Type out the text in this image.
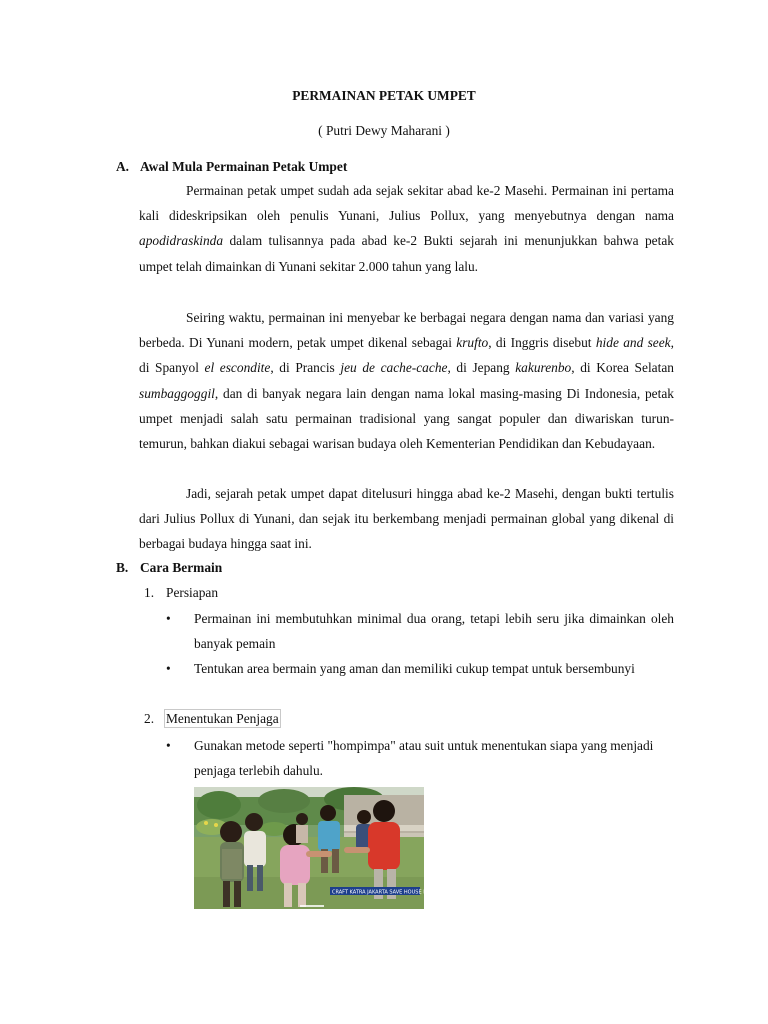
PERMAINAN PETAK UMPET
( Putri Dewy Maharani )
A. Awal Mula Permainan Petak Umpet

Permainan petak umpet sudah ada sejak sekitar abad ke-2 Masehi. Permainan ini pertama kali dideskripsikan oleh penulis Yunani, Julius Pollux, yang menyebutnya dengan nama apodidraskinda dalam tulisannya pada abad ke-2 Bukti sejarah ini menunjukkan bahwa petak umpet telah dimainkan di Yunani sekitar 2.000 tahun yang lalu.

Seiring waktu, permainan ini menyebar ke berbagai negara dengan nama dan variasi yang berbeda. Di Yunani modern, petak umpet dikenal sebagai krufto, di Inggris disebut hide and seek, di Spanyol el escondite, di Prancis jeu de cache-cache, di Jepang kakurenbo, di Korea Selatan sumbaggoggil, dan di banyak negara lain dengan nama lokal masing-masing Di Indonesia, petak umpet menjadi salah satu permainan tradisional yang sangat populer dan diwariskan turun-temurun, bahkan diakui sebagai warisan budaya oleh Kementerian Pendidikan dan Kebudayaan.

Jadi, sejarah petak umpet dapat ditelusuri hingga abad ke-2 Masehi, dengan bukti tertulis dari Julius Pollux di Yunani, dan sejak itu berkembang menjadi permainan global yang dikenal di berbagai budaya hingga saat ini.

B. Cara Bermain
1. Persiapan
•	Permainan ini membutuhkan minimal dua orang, tetapi lebih seru jika dimainkan oleh banyak pemain
•	Tentukan area bermain yang aman dan memiliki cukup tempat untuk bersembunyi
2. Menentukan Penjaga
•	Gunakan metode seperti "hompimpa" atau suit untuk menentukan siapa yang menjadi penjaga terlebih dahulu.
CRAFT KATRA JAKARTA SAVE HOUSE ROAD
